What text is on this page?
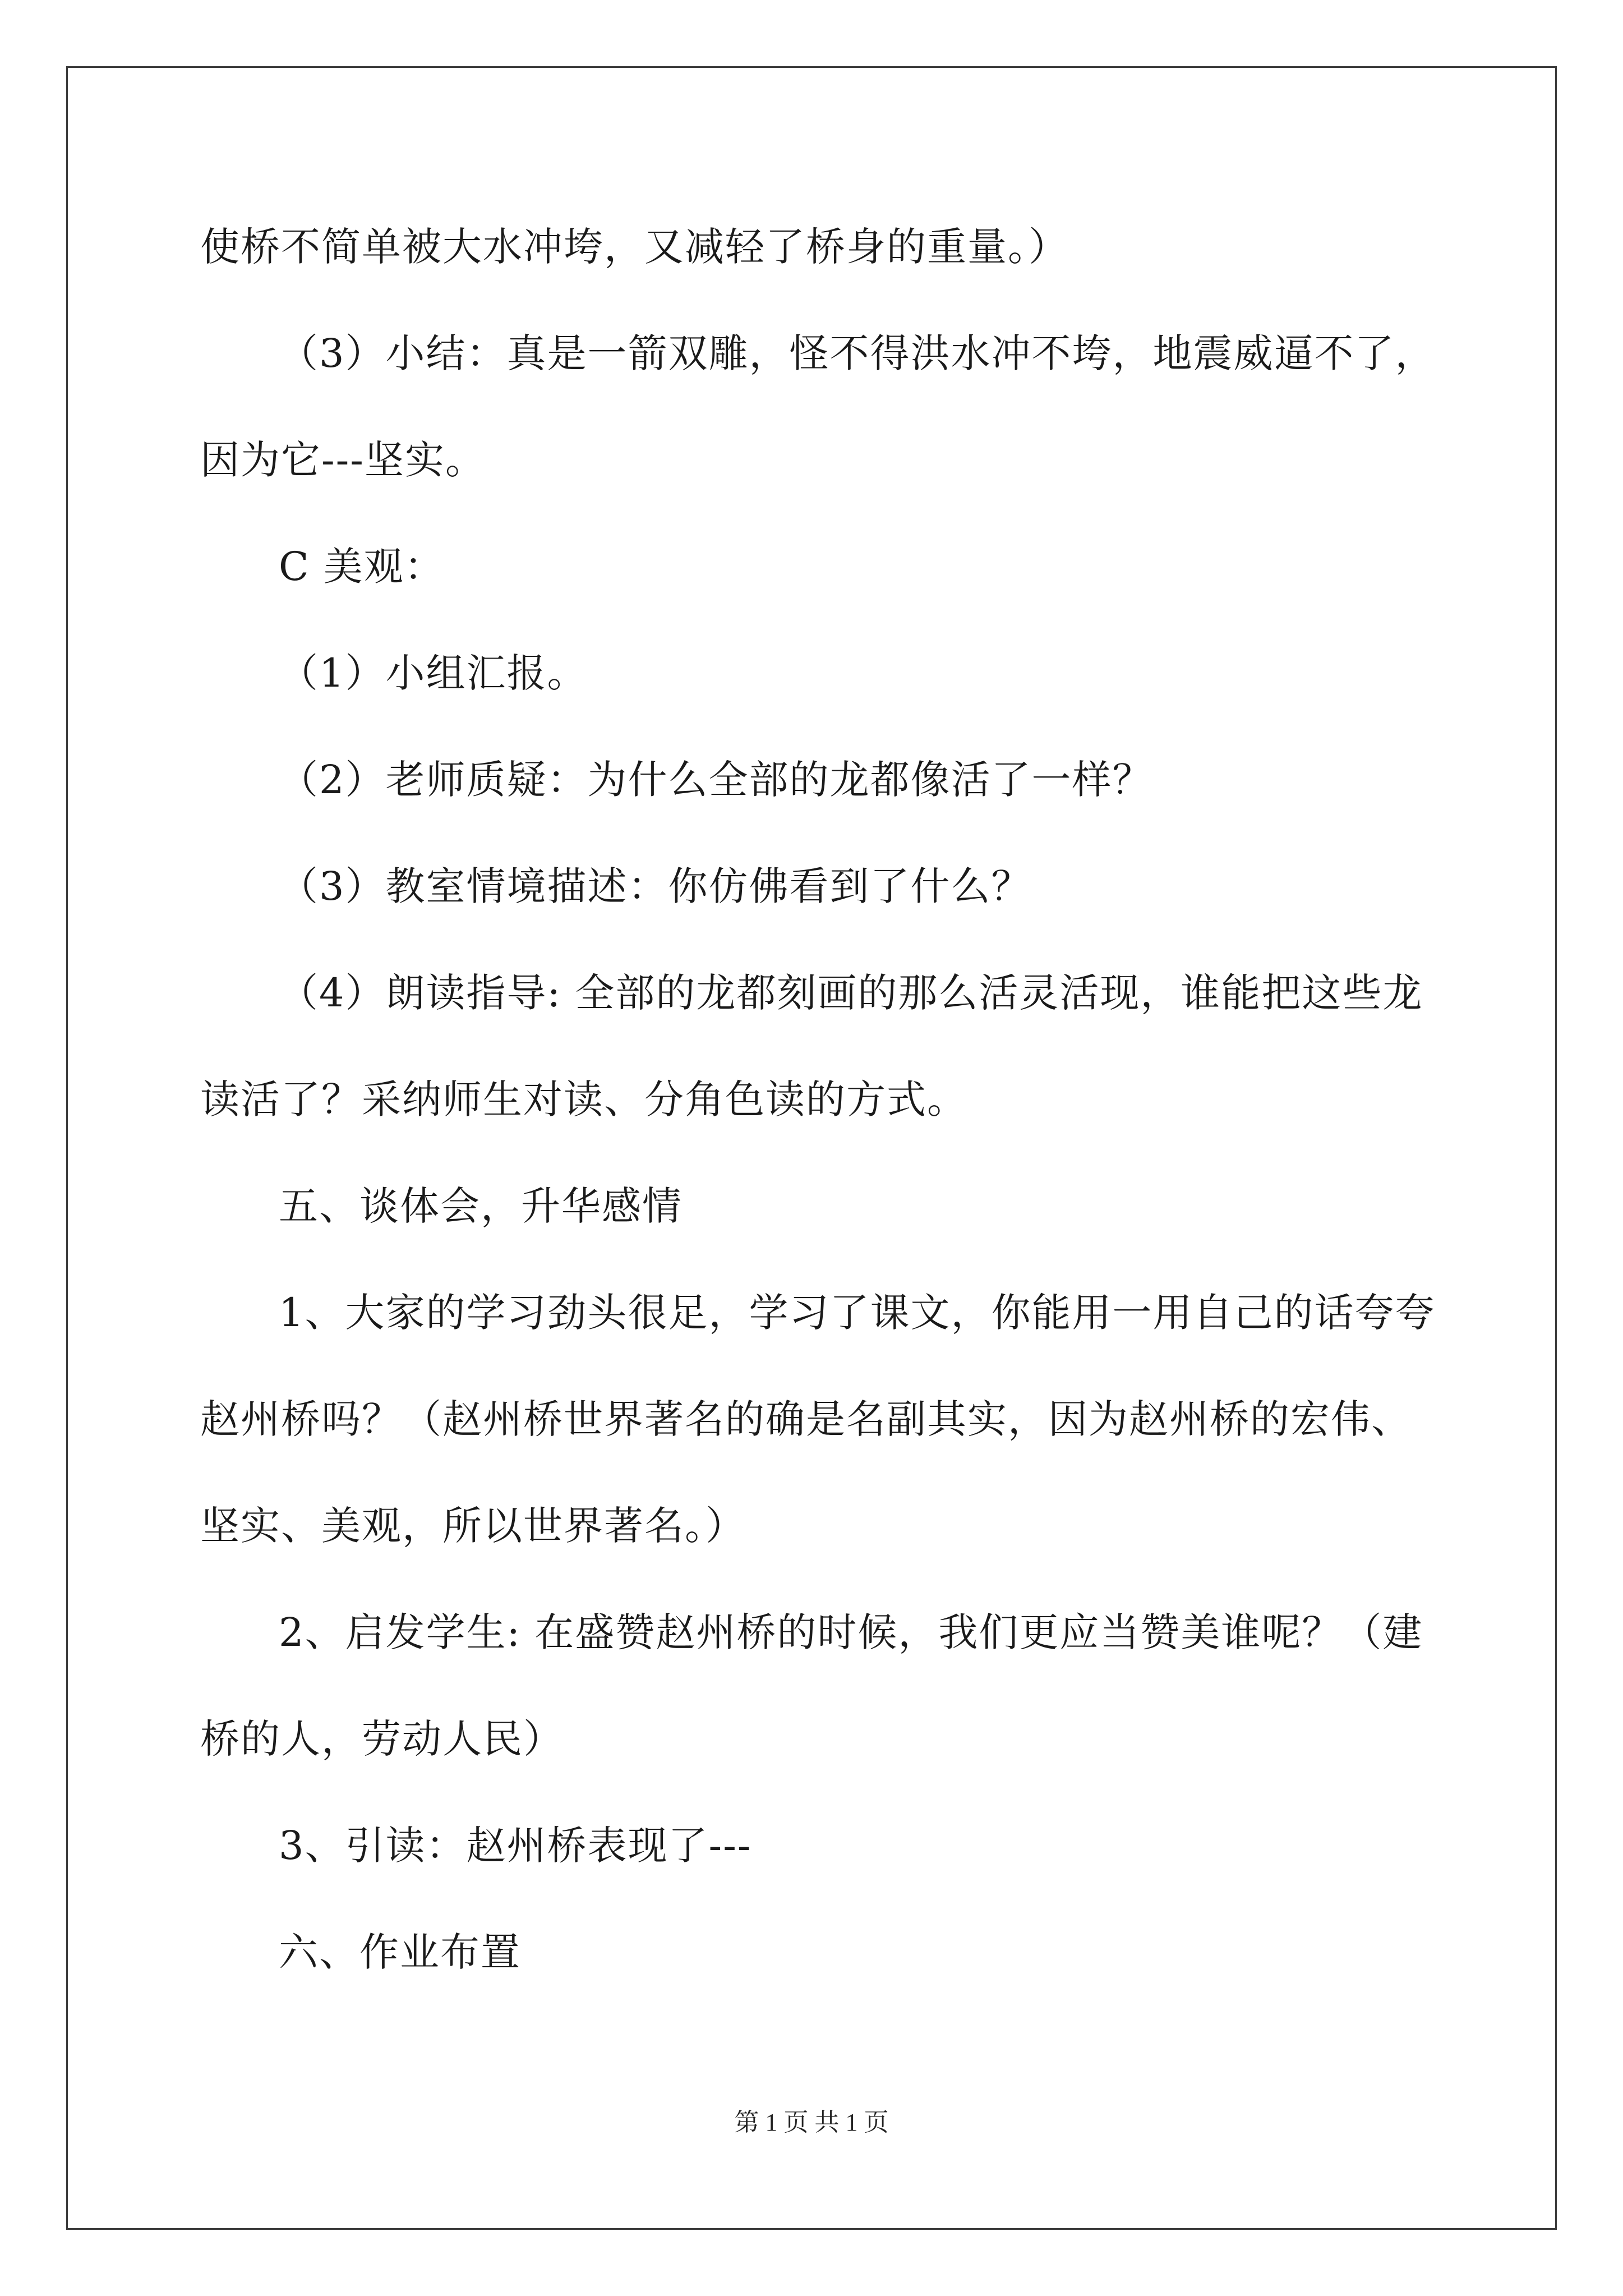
使桥不简单被大水冲垮，又减轻了桥身的重量。）
（3）小结：真是一箭双雕，怪不得洪水冲不垮，地震威逼不了，
因为它---坚实。
C 美观：
（1）小组汇报。
（2）老师质疑：为什么全部的龙都像活了一样？
（3）教室情境描述：你仿佛看到了什么？
（4）朗读指导: 全部的龙都刻画的那么活灵活现，谁能把这些龙
读活了？采纳师生对读、分角色读的方式。
五、谈体会，升华感情
1、大家的学习劲头很足，学习了课文，你能用一用自己的话夸夸
赵州桥吗？（赵州桥世界著名的确是名副其实，因为赵州桥的宏伟、
坚实、美观，所以世界著名。）
2、启发学生: 在盛赞赵州桥的时候，我们更应当赞美谁呢？（建
桥的人，劳动人民）
3、引读：赵州桥表现了---
六、作业布置
第 1 页 共 1 页
